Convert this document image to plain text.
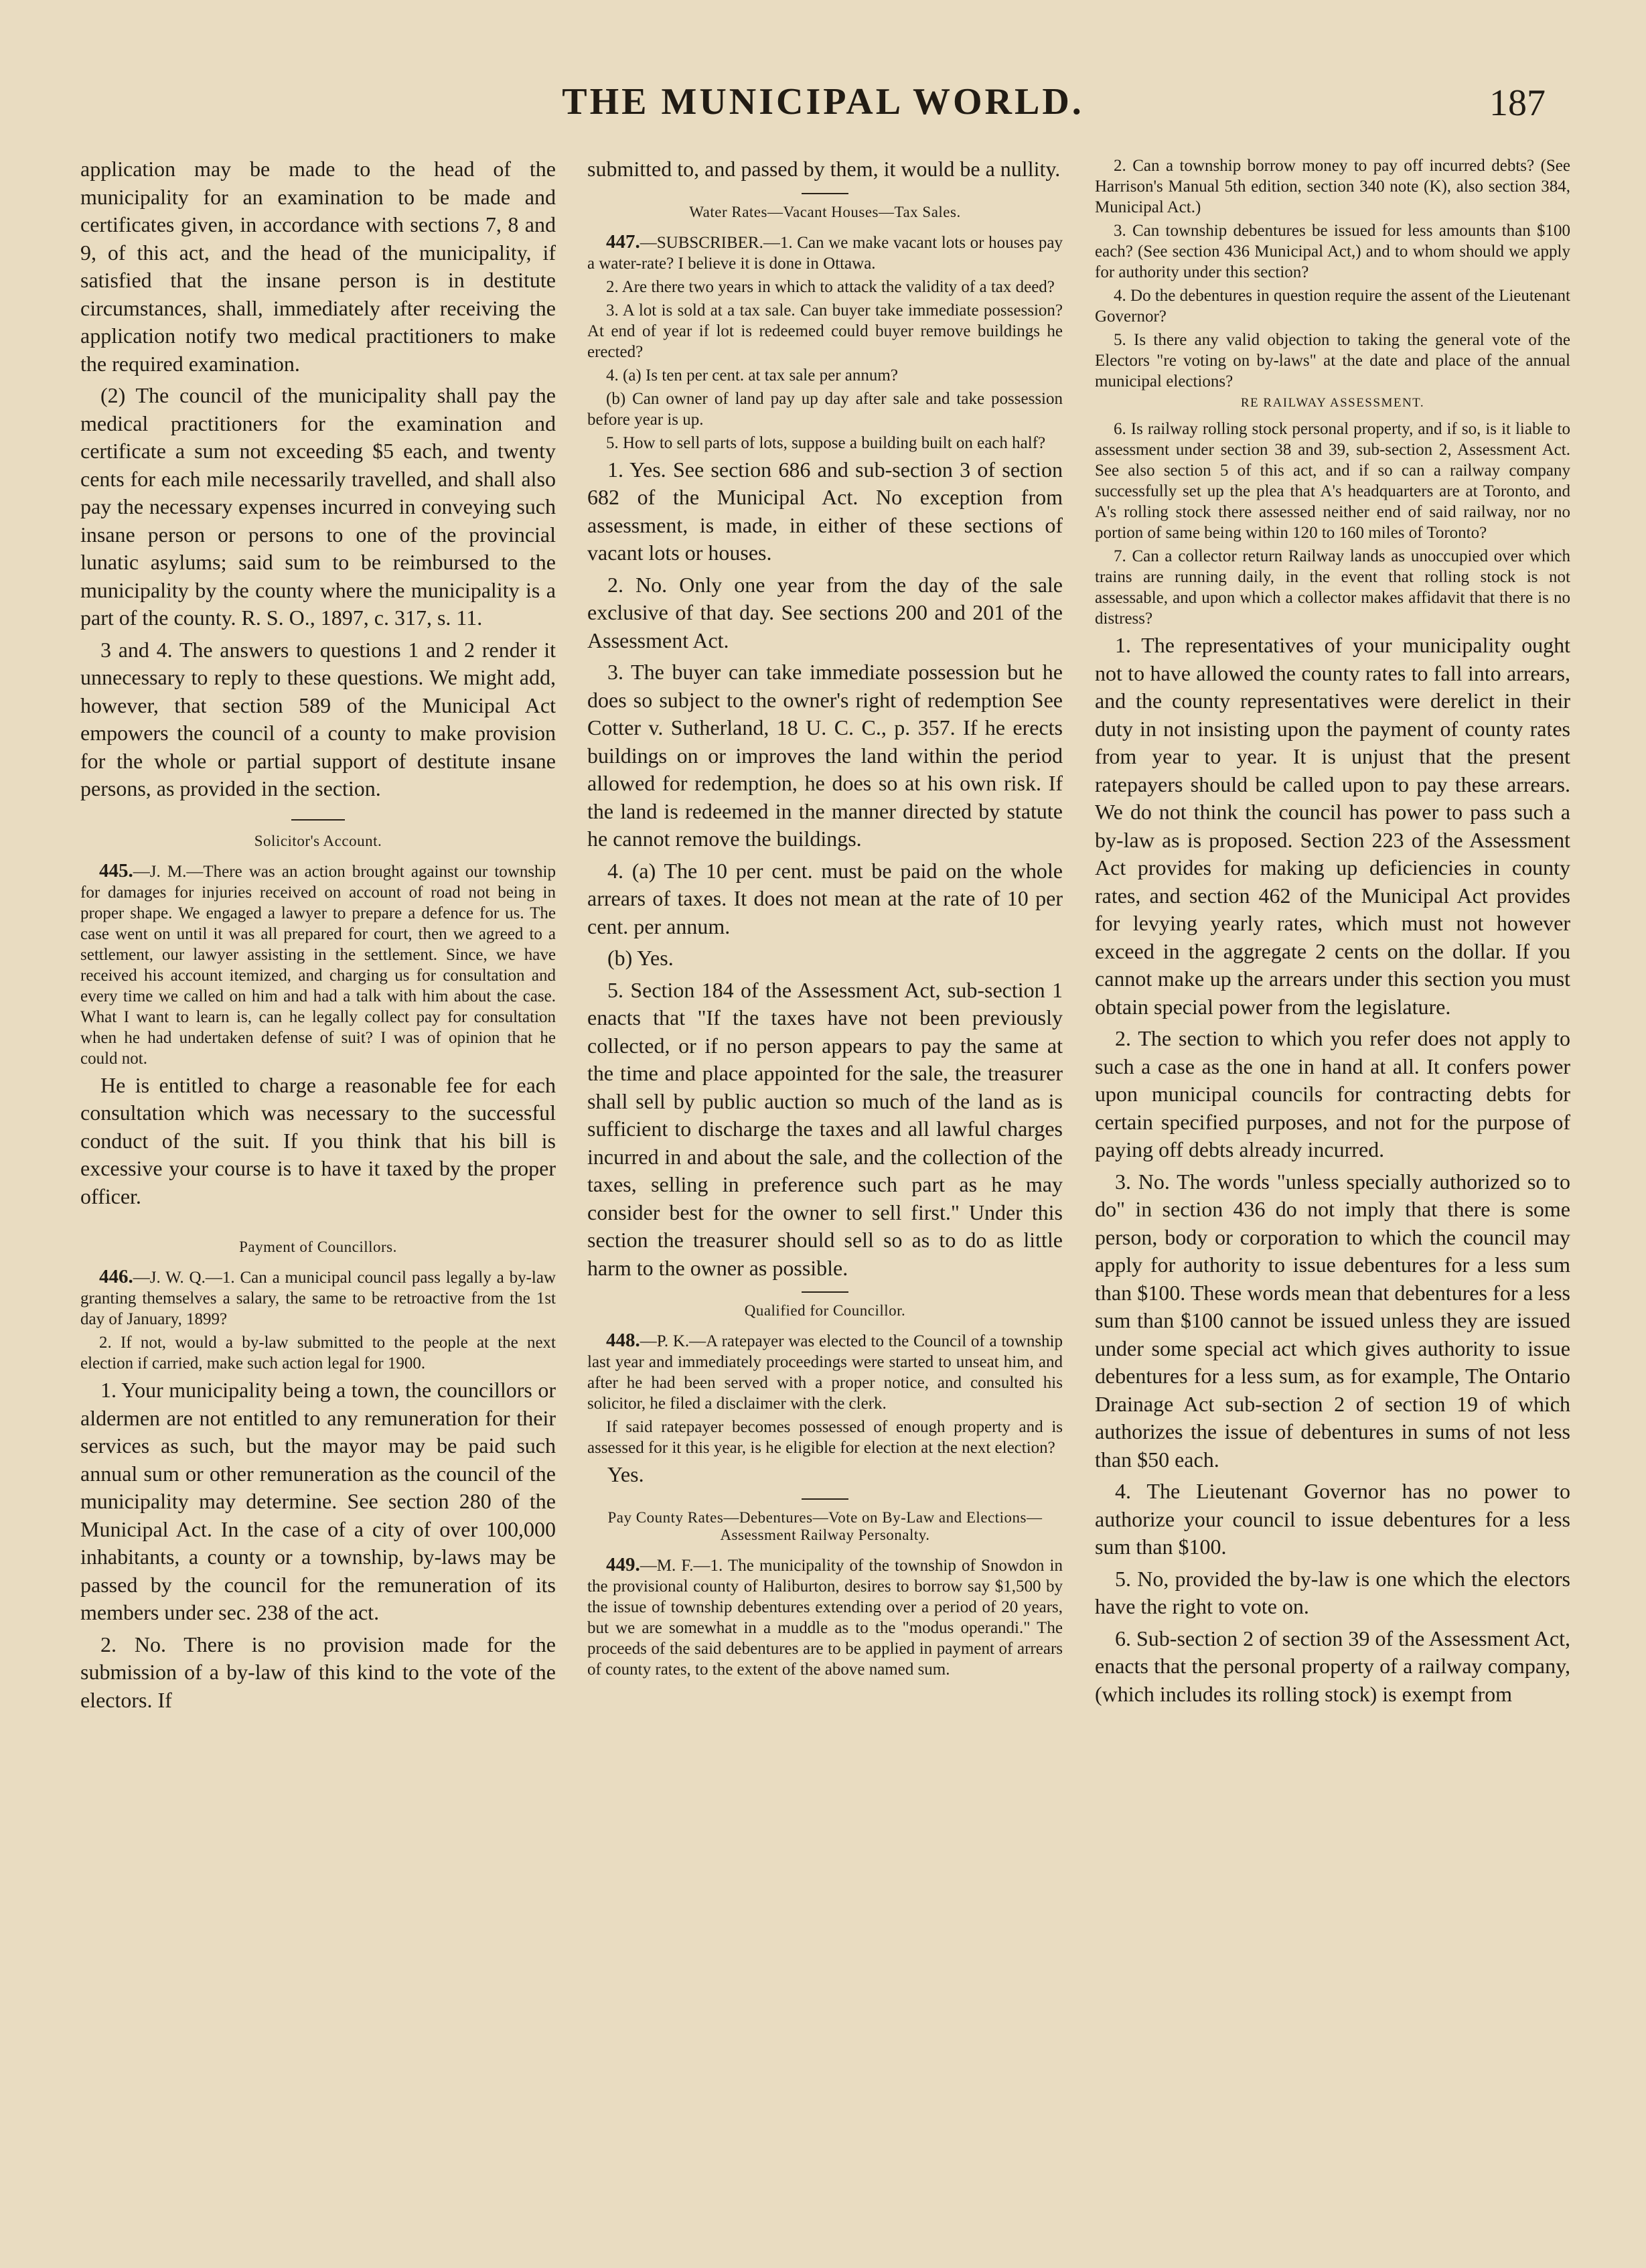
THE MUNICIPAL WORLD.	187

application may be made to the head of the municipality for an examination to be made and certificates given, in accordance with sections 7, 8 and 9, of this act, and the head of the municipality, if satisfied that the insane person is in destitute circumstances, shall, immediately after receiving the application notify two medical practitioners to make the required examination.

(2) The council of the municipality shall pay the medical practitioners for the examination and certificate a sum not exceeding $5 each, and twenty cents for each mile necessarily travelled, and shall also pay the necessary expenses incurred in conveying such insane person or persons to one of the provincial lunatic asylums; said sum to be reimbursed to the municipality by the county where the municipality is a part of the county. R. S. O., 1897, c. 317, s. 11.

3 and 4. The answers to questions 1 and 2 render it unnecessary to reply to these questions. We might add, however, that section 589 of the Municipal Act empowers the council of a county to make provision for the whole or partial support of destitute insane persons, as provided in the section.

Solicitor's Account.

445.—J. M.—There was an action brought against our township for damages for injuries received on account of road not being in proper shape. We engaged a lawyer to prepare a defence for us. The case went on until it was all prepared for court, then we agreed to a settlement, our lawyer assisting in the settlement. Since, we have received his account itemized, and charging us for consultation and every time we called on him and had a talk with him about the case. What I want to learn is, can he legally collect pay for consultation when he had undertaken defense of suit? I was of opinion that he could not.

He is entitled to charge a reasonable fee for each consultation which was necessary to the successful conduct of the suit. If you think that his bill is excessive your course is to have it taxed by the proper officer.

Payment of Councillors.

446.—J. W. Q.—1. Can a municipal council pass legally a by-law granting themselves a salary, the same to be retroactive from the 1st day of January, 1899?

2. If not, would a by-law submitted to the people at the next election if carried, make such action legal for 1900.

1. Your municipality being a town, the councillors or aldermen are not entitled to any remuneration for their services as such, but the mayor may be paid such annual sum or other remuneration as the council of the municipality may determine. See section 280 of the Municipal Act. In the case of a city of over 100,000 inhabitants, a county or a township, by-laws may be passed by the council for the remuneration of its members under sec. 238 of the act.

2. No. There is no provision made for the submission of a by-law of this kind to the vote of the electors. If

submitted to, and passed by them, it would be a nullity.

Water Rates—Vacant Houses—Tax Sales.

447.—SUBSCRIBER.—1. Can we make vacant lots or houses pay a water-rate? I believe it is done in Ottawa.

2. Are there two years in which to attack the validity of a tax deed?

3. A lot is sold at a tax sale. Can buyer take immediate possession? At end of year if lot is redeemed could buyer remove buildings he erected?

4. (a) Is ten per cent. at tax sale per annum?

(b) Can owner of land pay up day after sale and take possession before year is up.

5. How to sell parts of lots, suppose a building built on each half?

1. Yes. See section 686 and sub-section 3 of section 682 of the Municipal Act. No exception from assessment, is made, in either of these sections of vacant lots or houses.

2. No. Only one year from the day of the sale exclusive of that day. See sections 200 and 201 of the Assessment Act.

3. The buyer can take immediate possession but he does so subject to the owner's right of redemption See Cotter v. Sutherland, 18 U. C. C., p. 357. If he erects buildings on or improves the land within the period allowed for redemption, he does so at his own risk. If the land is redeemed in the manner directed by statute he cannot remove the buildings.

4. (a) The 10 per cent. must be paid on the whole arrears of taxes. It does not mean at the rate of 10 per cent. per annum.

(b) Yes.

5. Section 184 of the Assessment Act, sub-section 1 enacts that "If the taxes have not been previously collected, or if no person appears to pay the same at the time and place appointed for the sale, the treasurer shall sell by public auction so much of the land as is sufficient to discharge the taxes and all lawful charges incurred in and about the sale, and the collection of the taxes, selling in preference such part as he may consider best for the owner to sell first." Under this section the treasurer should sell so as to do as little harm to the owner as possible.

Qualified for Councillor.

448.—P. K.—A ratepayer was elected to the Council of a township last year and immediately proceedings were started to unseat him, and after he had been served with a proper notice, and consulted his solicitor, he filed a disclaimer with the clerk.

If said ratepayer becomes possessed of enough property and is assessed for it this year, is he eligible for election at the next election?

Yes.

Pay County Rates—Debentures—Vote on By-Law and Elections—Assessment Railway Personalty.

449.—M. F.—1. The municipality of the township of Snowdon in the provisional county of Haliburton, desires to borrow say $1,500 by the issue of township debentures extending over a period of 20 years, but we are somewhat in a muddle as to the "modus operandi." The proceeds of the said debentures are to be applied in payment of arrears of county rates, to the extent of the above named sum.

2. Can a township borrow money to pay off incurred debts? (See Harrison's Manual 5th edition, section 340 note (K), also section 384, Municipal Act.)

3. Can township debentures be issued for less amounts than $100 each? (See section 436 Municipal Act,) and to whom should we apply for authority under this section?

4. Do the debentures in question require the assent of the Lieutenant Governor?

5. Is there any valid objection to taking the general vote of the Electors "re voting on by-laws" at the date and place of the annual municipal elections?

RE RAILWAY ASSESSMENT.

6. Is railway rolling stock personal property, and if so, is it liable to assessment under section 38 and 39, sub-section 2, Assessment Act. See also section 5 of this act, and if so can a railway company successfully set up the plea that A's headquarters are at Toronto, and A's rolling stock there assessed neither end of said railway, nor no portion of same being within 120 to 160 miles of Toronto?

7. Can a collector return Railway lands as unoccupied over which trains are running daily, in the event that rolling stock is not assessable, and upon which a collector makes affidavit that there is no distress?

1. The representatives of your municipality ought not to have allowed the county rates to fall into arrears, and the county representatives were derelict in their duty in not insisting upon the payment of county rates from year to year. It is unjust that the present ratepayers should be called upon to pay these arrears. We do not think the council has power to pass such a by-law as is proposed. Section 223 of the Assessment Act provides for making up deficiencies in county rates, and section 462 of the Municipal Act provides for levying yearly rates, which must not however exceed in the aggregate 2 cents on the dollar. If you cannot make up the arrears under this section you must obtain special power from the legislature.

2. The section to which you refer does not apply to such a case as the one in hand at all. It confers power upon municipal councils for contracting debts for certain specified purposes, and not for the purpose of paying off debts already incurred.

3. No. The words "unless specially authorized so to do" in section 436 do not imply that there is some person, body or corporation to which the council may apply for authority to issue debentures for a less sum than $100. These words mean that debentures for a less sum than $100 cannot be issued unless they are issued under some special act which gives authority to issue debentures for a less sum, as for example, The Ontario Drainage Act sub-section 2 of section 19 of which authorizes the issue of debentures in sums of not less than $50 each.

4. The Lieutenant Governor has no power to authorize your council to issue debentures for a less sum than $100.

5. No, provided the by-law is one which the electors have the right to vote on.

6. Sub-section 2 of section 39 of the Assessment Act, enacts that the personal property of a railway company, (which includes its rolling stock) is exempt from
